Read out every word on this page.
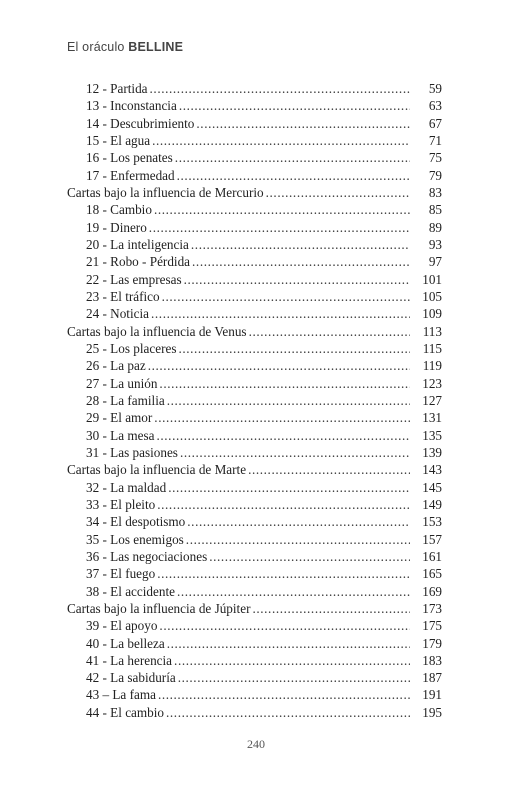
El oráculo BELLINE
12 - Partida .....	59
13 - Inconstancia .....	63
14 - Descubrimiento .....	67
15 - El agua .....	71
16 - Los penates .....	75
17 - Enfermedad .....	79
Cartas bajo la influencia de Mercurio .....	83
18 - Cambio .....	85
19 - Dinero .....	89
20 - La inteligencia .....	93
21 - Robo - Pérdida .....	97
22 - Las empresas .....	101
23 - El tráfico .....	105
24 - Noticia .....	109
Cartas bajo la influencia de Venus .....	113
25 - Los placeres .....	115
26 - La paz .....	119
27 - La unión .....	123
28 - La familia .....	127
29 - El amor .....	131
30 - La mesa .....	135
31 - Las pasiones .....	139
Cartas bajo la influencia de Marte .....	143
32 - La maldad .....	145
33 - El pleito .....	149
34 - El despotismo .....	153
35 - Los enemigos .....	157
36 - Las negociaciones .....	161
37 - El fuego .....	165
38 - El accidente .....	169
Cartas bajo la influencia de Júpiter .....	173
39 - El apoyo .....	175
40 - La belleza .....	179
41 - La herencia .....	183
42 - La sabiduría .....	187
43 – La fama .....	191
44 - El cambio .....	195
240
